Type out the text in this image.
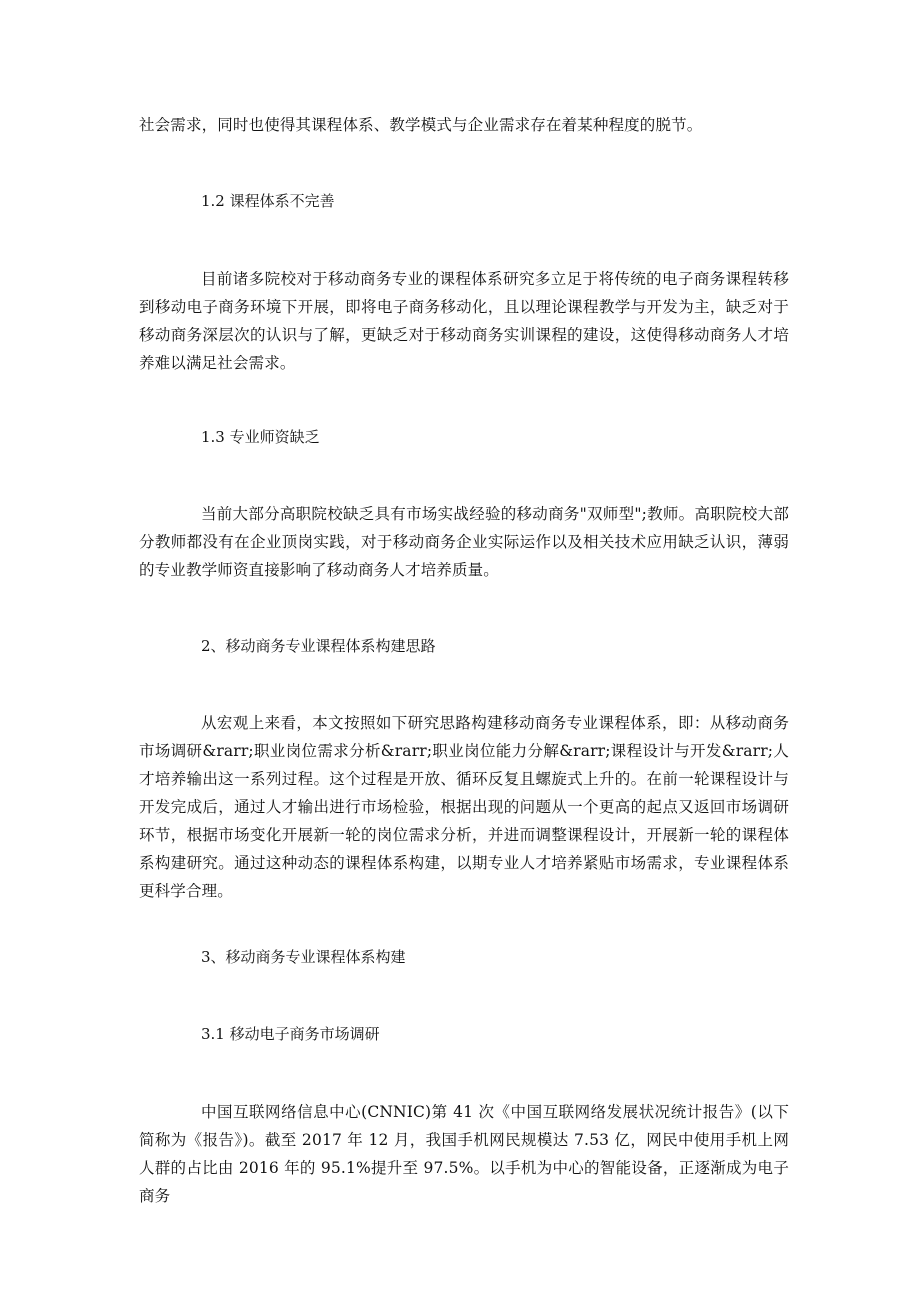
社会需求，同时也使得其课程体系、教学模式与企业需求存在着某种程度的脱节。
1.2 课程体系不完善
目前诸多院校对于移动商务专业的课程体系研究多立足于将传统的电子商务课程转移到移动电子商务环境下开展，即将电子商务移动化，且以理论课程教学与开发为主，缺乏对于移动商务深层次的认识与了解，更缺乏对于移动商务实训课程的建设，这使得移动商务人才培养难以满足社会需求。
1.3 专业师资缺乏
当前大部分高职院校缺乏具有市场实战经验的移动商务"双师型";教师。高职院校大部分教师都没有在企业顶岗实践，对于移动商务企业实际运作以及相关技术应用缺乏认识，薄弱的专业教学师资直接影响了移动商务人才培养质量。
2、移动商务专业课程体系构建思路
从宏观上来看，本文按照如下研究思路构建移动商务专业课程体系，即：从移动商务市场调研&rarr;职业岗位需求分析&rarr;职业岗位能力分解&rarr;课程设计与开发&rarr;人才培养输出这一系列过程。这个过程是开放、循环反复且螺旋式上升的。在前一轮课程设计与开发完成后，通过人才输出进行市场检验，根据出现的问题从一个更高的起点又返回市场调研环节，根据市场变化开展新一轮的岗位需求分析，并进而调整课程设计，开展新一轮的课程体系构建研究。通过这种动态的课程体系构建，以期专业人才培养紧贴市场需求，专业课程体系更科学合理。
3、移动商务专业课程体系构建
3.1 移动电子商务市场调研
中国互联网络信息中心(CNNIC)第 41 次《中国互联网络发展状况统计报告》(以下简称为《报告》)。截至 2017 年 12 月，我国手机网民规模达 7.53 亿，网民中使用手机上网人群的占比由 2016 年的 95.1%提升至 97.5%。以手机为中心的智能设备，正逐渐成为电子商务
